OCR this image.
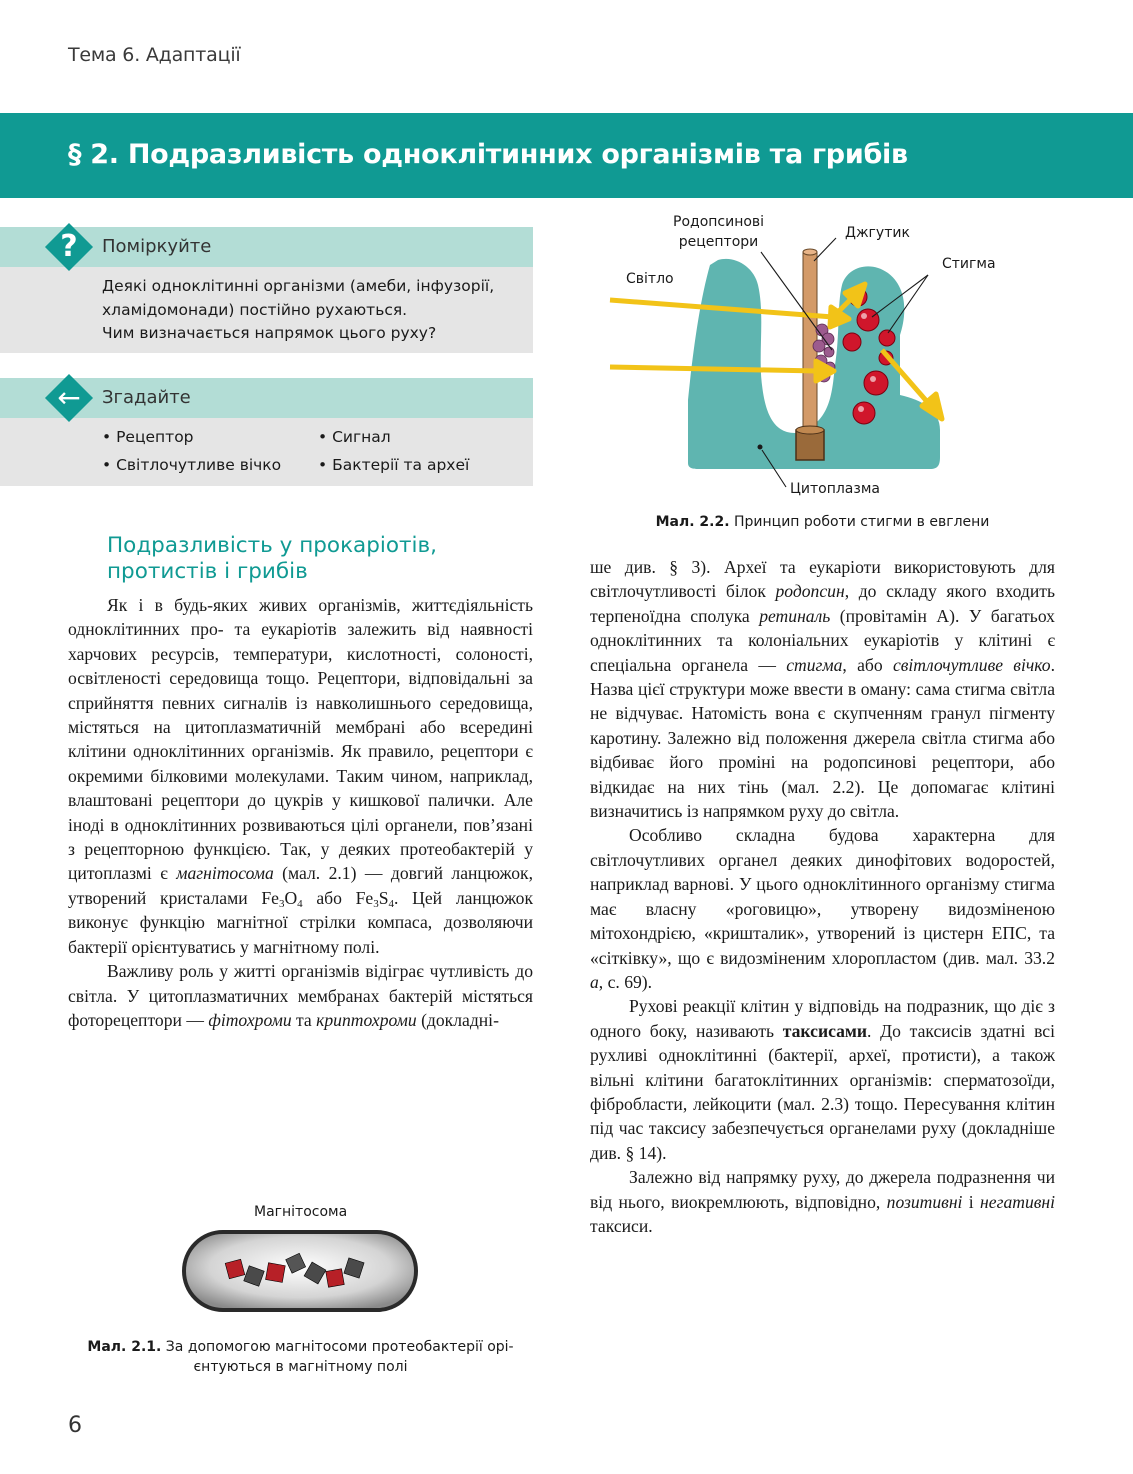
Тема 6. Адаптації
§ 2. Подразливість одноклітинних організмів та грибів
?	Поміркуйте
Деякі одноклітинні організми (амеби, інфузорії,
хламідомонади) постійно рухаються.
Чим визначається напрямок цього руху?
←	Згадайте
• Рецептор	• Сигнал
• Світлочутливе вічко • Бактерії та археї
Подразливість у прокаріотів,
протистів і грибів

Як і в будь-яких живих організмів, життєдіяльність одноклітинних про- та еукаріотів залежить від наявності харчових ресурсів, температури, кислотності, солоності, освітленості середовища тощо. Рецептори, відповідальні за сприйняття певних сигналів із навколишнього середовища, містяться на цитоплазматичній мембрані або всередині клітини одноклітинних організмів. Як правило, рецептори є окремими білковими молекулами. Таким чином, наприклад, влаштовані рецептори до цукрів у кишкової палички. Але іноді в одноклітинних розвиваються цілі органели, пов’язані з рецепторною функцією. Так, у деяких протеобактерій у цитоплазмі є магнітосома (мал. 2.1) — довгий ланцюжок, утворений кристалами $Fe_3O_4$ або $Fe_3S_4$. Цей ланцюжок виконує функцію магнітної стрілки компаса, дозволяючи бактерії орієнтуватись у магнітному полі.

Важливу роль у житті організмів відіграє чутливість до світла. У цитоплазматичних мембранах бактерій містяться фоторецептори — фітохроми та криптохроми (докладні-

Магнітосома
Мал. 2.1. За допомогою магнітосоми протеобактерії орі-
єнтуються в магнітному полі
Родопсинові
рецептори
Джгутик
Стигма
Світло
Цитоплазма
Мал. 2.2. Принцип роботи стигми в евглени

ше див. § 3). Археї та еукаріоти використовують для світлочутливості білок родопсин, до складу якого входить терпеноїдна сполука ретиналь (провітамін А). У багатьох одноклітинних та колоніальних еукаріотів у клітині є спеціальна органела — стигма, або світлочутливе вічко. Назва цієї структури може ввести в оману: сама стигма світла не відчуває. Натомість вона є скупченням гранул пігменту каротину. Залежно від положення джерела світла стигма або відбиває його проміні на родопсинові рецептори, або відкидає на них тінь (мал. 2.2). Це допомагає клітині визначитись із напрямком руху до світла.

Особливо складна будова характерна для світлочутливих органел деяких динофітових водоростей, наприклад варнові. У цього одноклітинного організму стигма має власну «роговицю», утворену видозміненою мітохондрією, «кришталик», утворений із цистерн ЕПС, та «сітківку», що є видозміненим хлоропластом (див. мал. 33.2 а, с. 69).

Рухові реакції клітин у відповідь на подразник, що діє з одного боку, називають таксисами. До таксисів здатні всі рухливі одноклітинні (бактерії, археї, протисти), а також вільні клітини багатоклітинних організмів: сперматозоїди, фібробласти, лейкоцити (мал. 2.3) тощо. Пересування клітин під час таксису забезпечується органелами руху (докладніше див. § 14).

Залежно від напрямку руху, до джерела подразнення чи від нього, виокремлюють, відповідно, позитивні і негативні таксиси.

6
